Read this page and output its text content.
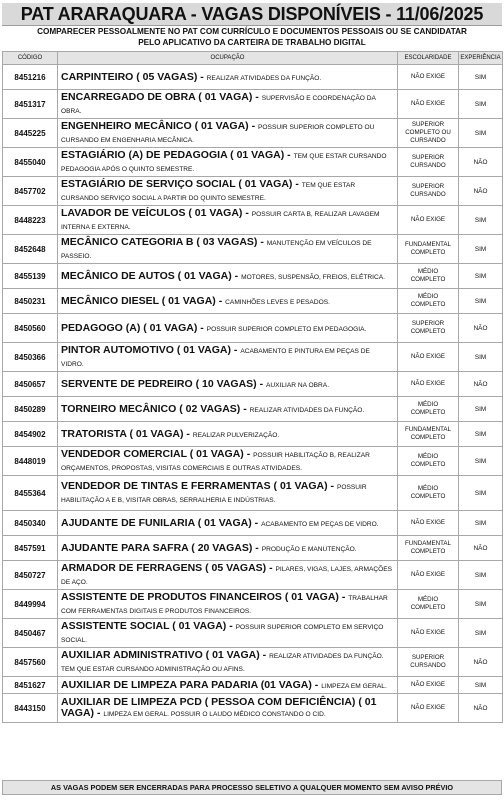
PAT ARARAQUARA - VAGAS DISPONÍVEIS - 11/06/2025
COMPARECER PESSOALMENTE NO PAT COM CURRÍCULO E DOCUMENTOS PESSOAIS OU SE CANDIDATAR
PELO APLICATIVO DA CARTEIRA DE TRABALHO DIGITAL
CÓDIGO	OCUPAÇÃO	ESCOLARIDADE	EXPERIÊNCIA
8451216	CARPINTEIRO ( 05 VAGAS) - REALIZAR ATIVIDADES DA FUNÇÃO.	NÃO EXIGE	SIM
8451317	ENCARREGADO DE OBRA ( 01 VAGA) - SUPERVISÃO E COORDENAÇÃO DA OBRA.	NÃO EXIGE	SIM
8445225	ENGENHEIRO MECÂNICO ( 01 VAGA) - POSSUIR SUPERIOR COMPLETO OU CURSANDO EM ENGENHARIA MECÂNICA.	SUPERIOR COMPLETO OU CURSANDO	SIM
8455040	ESTAGIÁRIO (A) DE PEDAGOGIA ( 01 VAGA) - TEM QUE ESTAR CURSANDO PEDAGOGIA APÓS O QUINTO SEMESTRE.	SUPERIOR CURSANDO	NÃO
8457702	ESTAGIÁRIO DE SERVIÇO SOCIAL ( 01 VAGA) - TEM QUE ESTAR CURSANDO SERVIÇO SOCIAL A PARTIR DO QUINTO SEMESTRE.	SUPERIOR CURSANDO	NÃO
8448223	LAVADOR DE VEÍCULOS ( 01 VAGA) - POSSUIR CARTA B, REALIZAR LAVAGEM INTERNA E EXTERNA.	NÃO EXIGE	SIM
8452648	MECÂNICO CATEGORIA B ( 03 VAGAS) - MANUTENÇÃO EM VEÍCULOS DE PASSEIO.	FUNDAMENTAL COMPLETO	SIM
8455139	MECÂNICO DE AUTOS ( 01 VAGA) - MOTORES, SUSPENSÃO, FREIOS, ELÉTRICA.	MÉDIO COMPLETO	SIM
8450231	MECÂNICO DIESEL ( 01 VAGA) - CAMINHÕES LEVES E PESADOS.	MÉDIO COMPLETO	SIM
8450560	PEDAGOGO (A) ( 01 VAGA) - POSSUIR SUPERIOR COMPLETO EM PEDAGOGIA.	SUPERIOR COMPLETO	NÃO
8450366	PINTOR AUTOMOTIVO ( 01 VAGA) - ACABAMENTO E PINTURA EM PEÇAS DE VIDRO.	NÃO EXIGE	SIM
8450657	SERVENTE DE PEDREIRO ( 10 VAGAS) - AUXILIAR NA OBRA.	NÃO EXIGE	NÃO
8450289	TORNEIRO MECÂNICO ( 02 VAGAS) - REALIZAR ATIVIDADES DA FUNÇÃO.	MÉDIO COMPLETO	SIM
8454902	TRATORISTA ( 01 VAGA) - REALIZAR PULVERIZAÇÃO.	FUNDAMENTAL COMPLETO	SIM
8448019	VENDEDOR COMERCIAL ( 01 VAGA) - POSSUIR HABILITAÇÃO B, REALIZAR ORÇAMENTOS, PROPOSTAS, VISITAS COMERCIAIS E OUTRAS ATIVIDADES.	MÉDIO COMPLETO	SIM
8455364	VENDEDOR DE TINTAS E FERRAMENTAS ( 01 VAGA) - POSSUIR HABILITAÇÃO A E B, VISITAR OBRAS, SERRALHERIA E INDÚSTRIAS.	MÉDIO COMPLETO	SIM
8450340	AJUDANTE DE FUNILARIA ( 01 VAGA) - ACABAMENTO EM PEÇAS DE VIDRO.	NÃO EXIGE	SIM
8457591	AJUDANTE PARA SAFRA ( 20 VAGAS) - PRODUÇÃO E MANUTENÇÃO.	FUNDAMENTAL COMPLETO	NÃO
8450727	ARMADOR DE FERRAGENS ( 05 VAGAS) - PILARES, VIGAS, LAJES, ARMAÇÕES DE AÇO.	NÃO EXIGE	SIM
8449994	ASSISTENTE DE PRODUTOS FINANCEIROS ( 01 VAGA) - TRABALHAR COM FERRAMENTAS DIGITAIS E PRODUTOS FINANCEIROS.	MÉDIO COMPLETO	SIM
8450467	ASSISTENTE SOCIAL ( 01 VAGA) - POSSUIR SUPERIOR COMPLETO EM SERVIÇO SOCIAL.	NÃO EXIGE	SIM
8457560	AUXILIAR ADMINISTRATIVO ( 01 VAGA) - REALIZAR ATIVIDADES DA FUNÇÃO. TEM QUE ESTAR CURSANDO ADMINISTRAÇÃO OU AFINS.	SUPERIOR CURSANDO	NÃO
8451627	AUXILIAR DE LIMPEZA PARA PADARIA (01 VAGA) - LIMPEZA EM GERAL.	NÃO EXIGE	SIM
8443150	AUXILIAR DE LIMPEZA PCD ( PESSOA COM DEFICIÊNCIA) ( 01 VAGA) - LIMPEZA EM GERAL. POSSUIR O LAUDO MÉDICO CONSTANDO O CID.	NÃO EXIGE	NÃO
AS VAGAS PODEM SER ENCERRADAS PARA PROCESSO SELETIVO A QUALQUER MOMENTO SEM AVISO PRÉVIO
